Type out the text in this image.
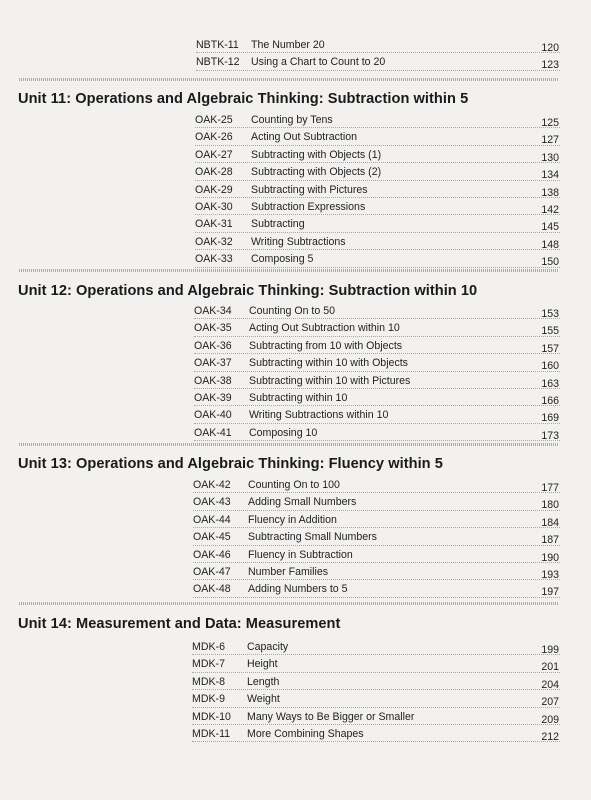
NBTK-11 The Number 20	120
NBTK-12 Using a Chart to Count to 20	123
Unit 11: Operations and Algebraic Thinking: Subtraction within 5
OAK-25 Counting by Tens	125
OAK-26 Acting Out Subtraction	127
OAK-27 Subtracting with Objects (1)	130
OAK-28 Subtracting with Objects (2)	134
OAK-29 Subtracting with Pictures	138
OAK-30 Subtraction Expressions	142
OAK-31 Subtracting	145
OAK-32 Writing Subtractions	148
OAK-33 Composing 5	150
Unit 12: Operations and Algebraic Thinking: Subtraction within 10
OAK-34 Counting On to 50	153
OAK-35 Acting Out Subtraction within 10	155
OAK-36 Subtracting from 10 with Objects	157
OAK-37 Subtracting within 10 with Objects	160
OAK-38 Subtracting within 10 with Pictures	163
OAK-39 Subtracting within 10	166
OAK-40 Writing Subtractions within 10	169
OAK-41 Composing 10	173
Unit 13: Operations and Algebraic Thinking: Fluency within 5
OAK-42 Counting On to 100	177
OAK-43 Adding Small Numbers	180
OAK-44 Fluency in Addition	184
OAK-45 Subtracting Small Numbers	187
OAK-46 Fluency in Subtraction	190
OAK-47 Number Families	193
OAK-48 Adding Numbers to 5	197
Unit 14: Measurement and Data: Measurement
MDK-6 Capacity	199
MDK-7 Height	201
MDK-8 Length	204
MDK-9 Weight	207
MDK-10 Many Ways to Be Bigger or Smaller	209
MDK-11 More Combining Shapes	212
